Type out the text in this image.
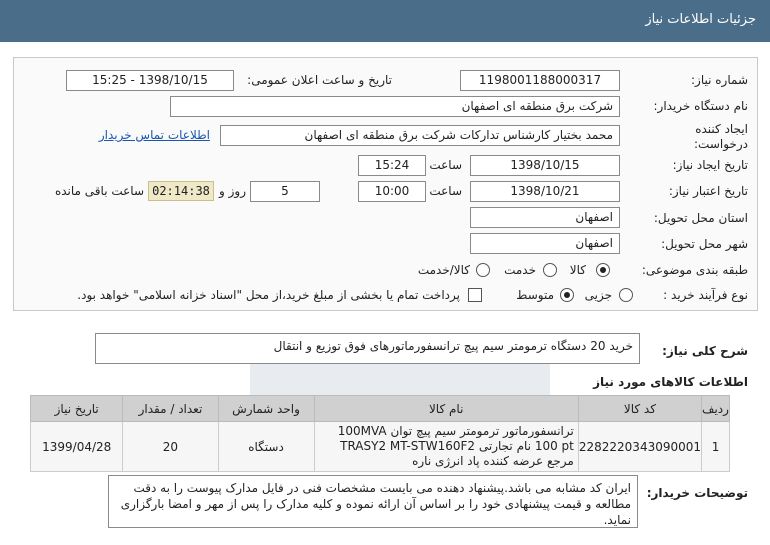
جزئیات اطلاعات نیاز
شماره نیاز:
1198001188000317
تاریخ و ساعت اعلان عمومی:
1398/10/15 - 15:25
نام دستگاه خریدار:
شرکت برق منطقه ای اصفهان
ایجاد کننده
درخواست:
محمد بختیار کارشناس تدارکات شرکت برق منطقه ای اصفهان
اطلاعات تماس خریدار
تاریخ ایجاد نیاز:
1398/10/15
ساعت
15:24
تاریخ اعتبار نیاز:
1398/10/21
ساعت
10:00
5
روز و
02:14:38
ساعت باقی مانده
استان محل تحویل:
اصفهان
شهر محل تحویل:
اصفهان
طبقه بندی موضوعی:
کالا
خدمت
کالا/خدمت
نوع فرآیند خرید :
جزیی
متوسط
پرداخت تمام یا بخشی از مبلغ خرید،از محل "اسناد خزانه اسلامی" خواهد بود.
شرح کلی نیاز:
خرید 20 دستگاه ترمومتر سیم پیچ ترانسفورماتورهای فوق توزیع و انتقال
اطلاعات کالاهای مورد نیاز
ردیف	کد کالا	نام کالا	واحد شمارش	تعداد / مقدار	تاریخ نیاز
1	2282220343090001	ترانسفورماتور ترمومتر سیم پیچ توان 100MVA 100 pt نام تجارتی TRASY2 MT-STW160F2 مرجع عرضه کننده پاد انرژی ناره	دستگاه	20	1399/04/28
توضیحات خریدار:
ایران کد مشابه می باشد.پیشنهاد دهنده می بایست مشخصات فنی در فایل مدارک پیوست را به دقت مطالعه و قیمت پیشنهادی خود را بر اساس آن ارائه نموده و کلیه مدارک را پس از مهر و امضا بارگزاری نماید.
